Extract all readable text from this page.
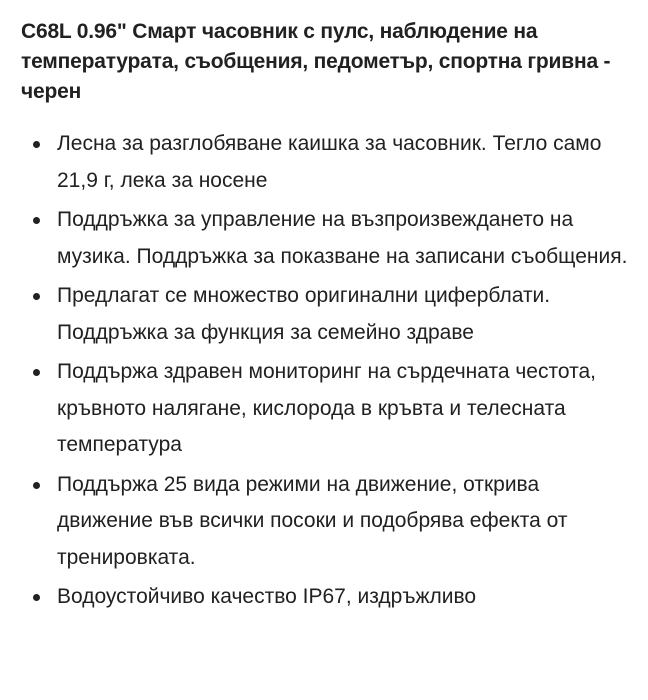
C68L 0.96" Смарт часовник с пулс, наблюдение на температурата, съобщения, педометър, спортна гривна - черен
Лесна за разглобяване каишка за часовник. Тегло само 21,9 г, лека за носене
Поддръжка за управление на възпроизвеждането на музика. Поддръжка за показване на записани съобщения.
Предлагат се множество оригинални циферблати. Поддръжка за функция за семейно здраве
Поддържа здравен мониторинг на сърдечната честота, кръвното налягане, кислорода в кръвта и телесната температура
Поддържа 25 вида режими на движение, открива движение във всички посоки и подобрява ефекта от тренировката.
Водоустойчиво качество IP67, издръжливо
